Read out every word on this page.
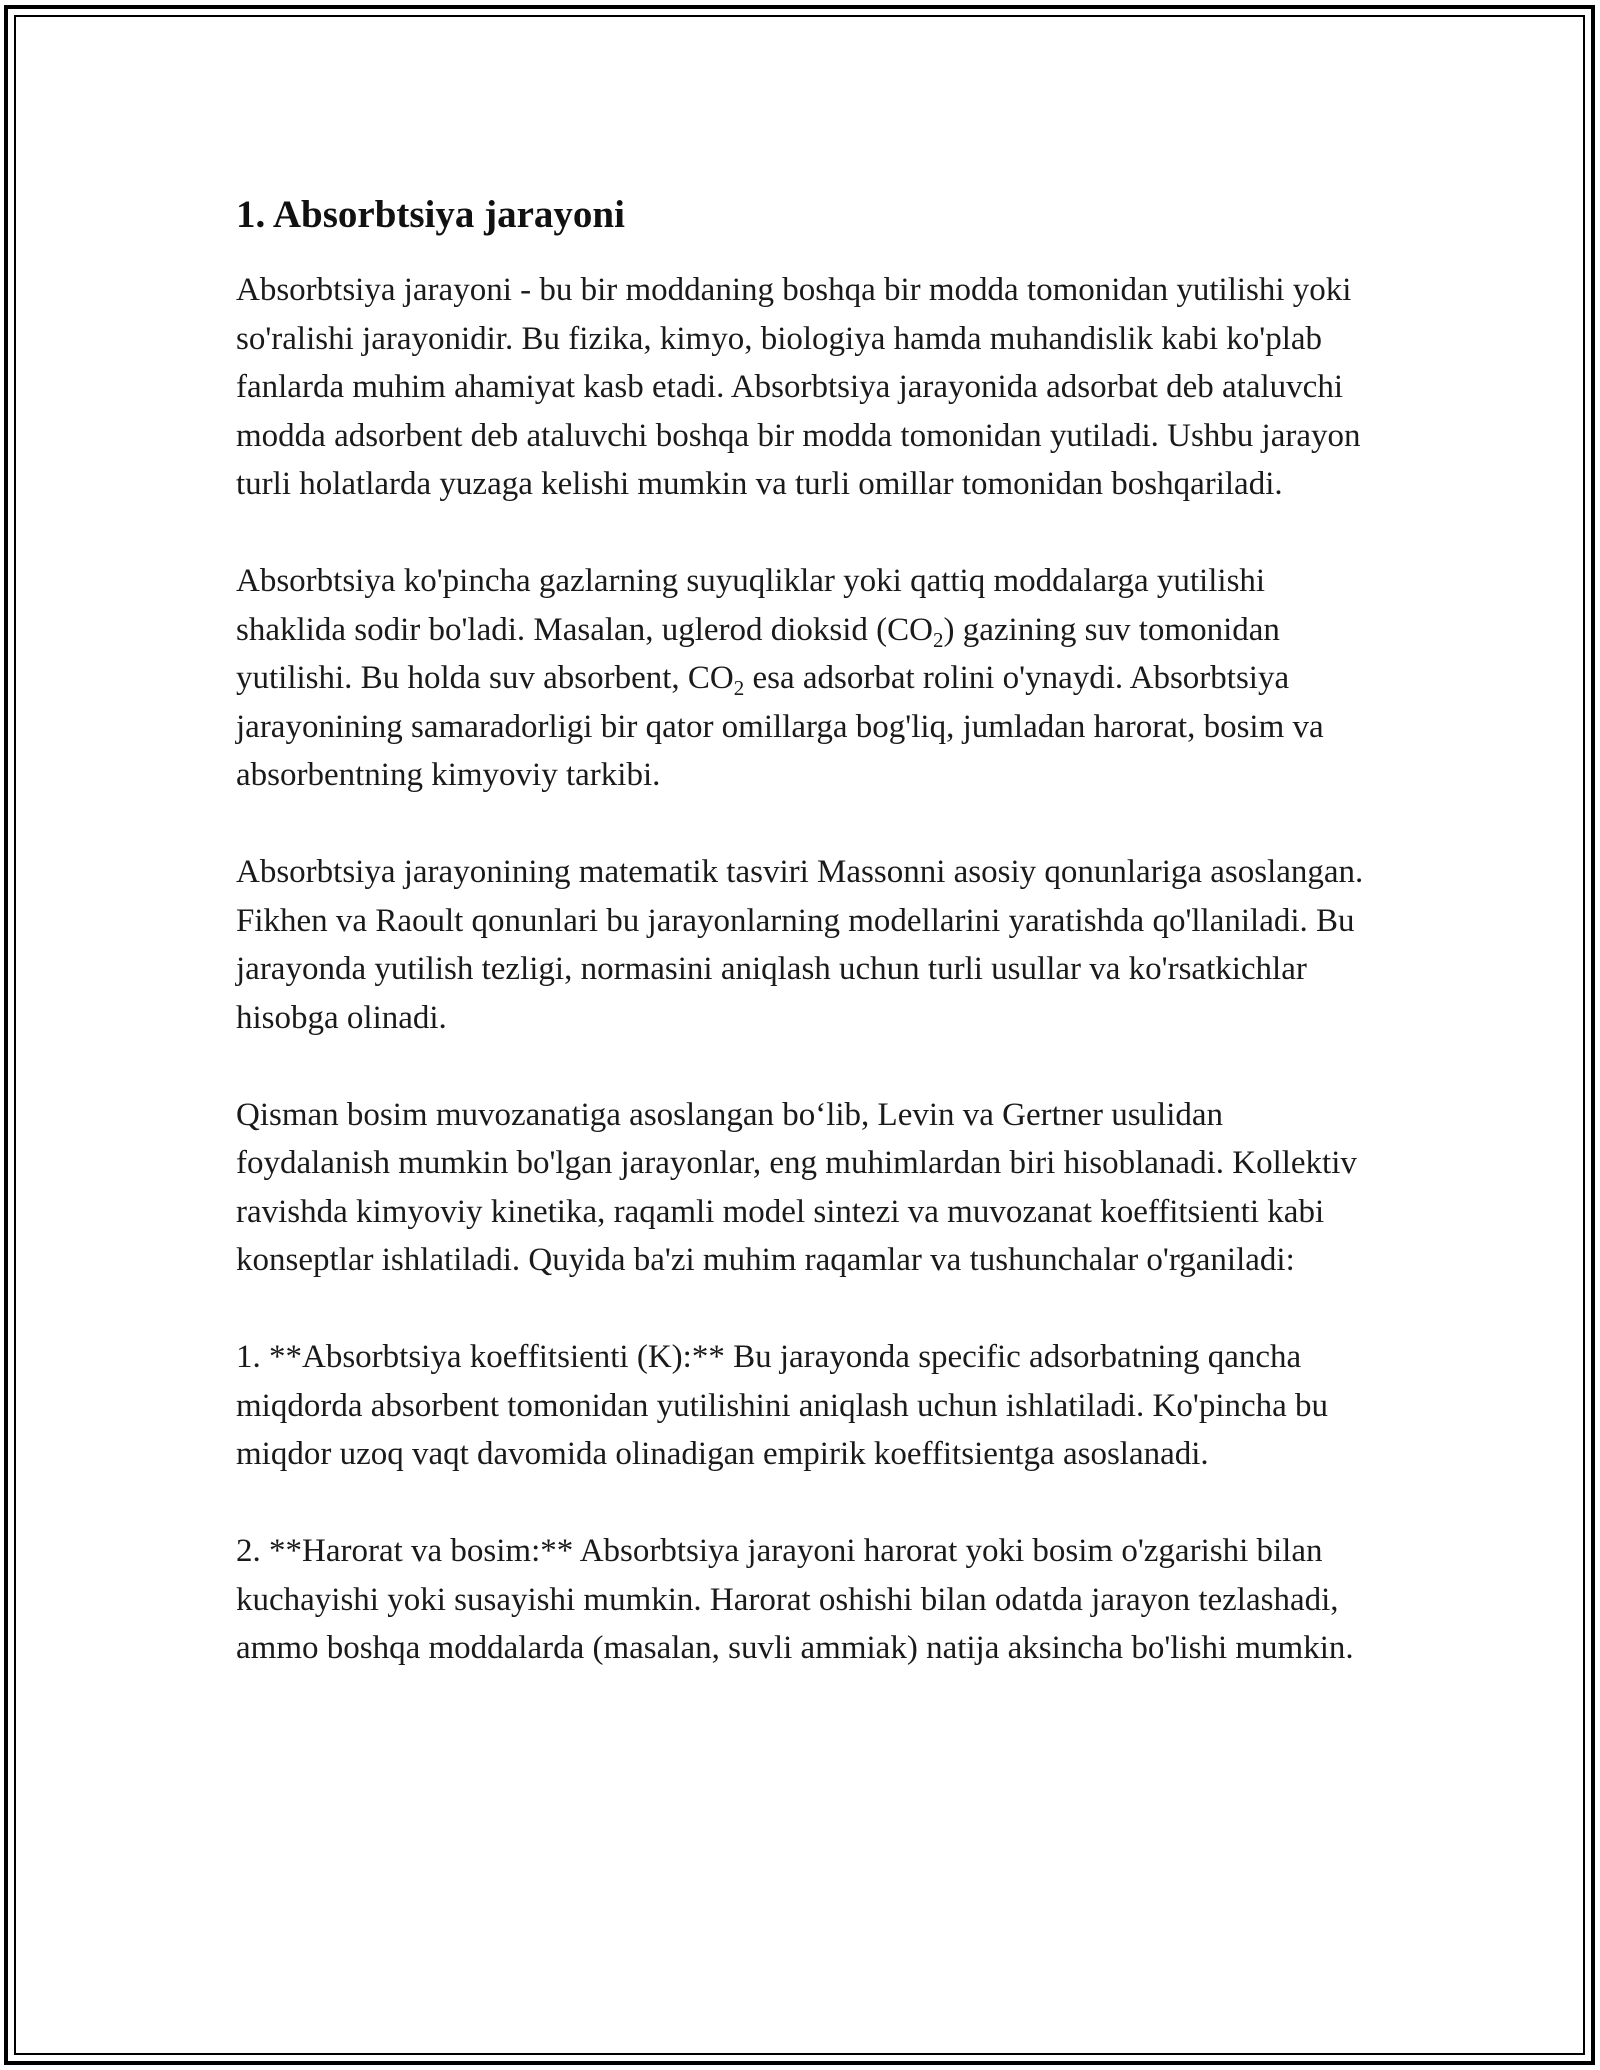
1. Absorbtsiya jarayoni

Absorbtsiya jarayoni - bu bir moddaning boshqa bir modda tomonidan yutilishi yoki so'ralishi jarayonidir. Bu fizika, kimyo, biologiya hamda muhandislik kabi ko'plab fanlarda muhim ahamiyat kasb etadi. Absorbtsiya jarayonida adsorbat deb ataluvchi modda adsorbent deb ataluvchi boshqa bir modda tomonidan yutiladi. Ushbu jarayon turli holatlarda yuzaga kelishi mumkin va turli omillar tomonidan boshqariladi.

Absorbtsiya ko'pincha gazlarning suyuqliklar yoki qattiq moddalarga yutilishi shaklida sodir bo'ladi. Masalan, uglerod dioksid $(CO_2)$ gazining suv tomonidan yutilishi. Bu holda suv absorbent, $CO_2$ esa adsorbat rolini o'ynaydi. Absorbtsiya jarayonining samaradorligi bir qator omillarga bog'liq, jumladan harorat, bosim va absorbentning kimyoviy tarkibi.

Absorbtsiya jarayonining matematik tasviri Massonni asosiy qonunlariga asoslangan. Fikhen va Raoult qonunlari bu jarayonlarning modellarini yaratishda qo'llaniladi. Bu jarayonda yutilish tezligi, normasini aniqlash uchun turli usullar va ko'rsatkichlar hisobga olinadi.

Qisman bosim muvozanatiga asoslangan bo‘lib, Levin va Gertner usulidan foydalanish mumkin bo'lgan jarayonlar, eng muhimlardan biri hisoblanadi. Kollektiv ravishda kimyoviy kinetika, raqamli model sintezi va muvozanat koeffitsienti kabi konseptlar ishlatiladi. Quyida ba'zi muhim raqamlar va tushunchalar o'rganiladi:

1. **Absorbtsiya koeffitsienti (K):** Bu jarayonda specific adsorbatning qancha miqdorda absorbent tomonidan yutilishini aniqlash uchun ishlatiladi. Ko'pincha bu miqdor uzoq vaqt davomida olinadigan empirik koeffitsientga asoslanadi.

2. **Harorat va bosim:** Absorbtsiya jarayoni harorat yoki bosim o'zgarishi bilan kuchayishi yoki susayishi mumkin. Harorat oshishi bilan odatda jarayon tezlashadi, ammo boshqa moddalarda (masalan, suvli ammiak) natija aksincha bo'lishi mumkin.
